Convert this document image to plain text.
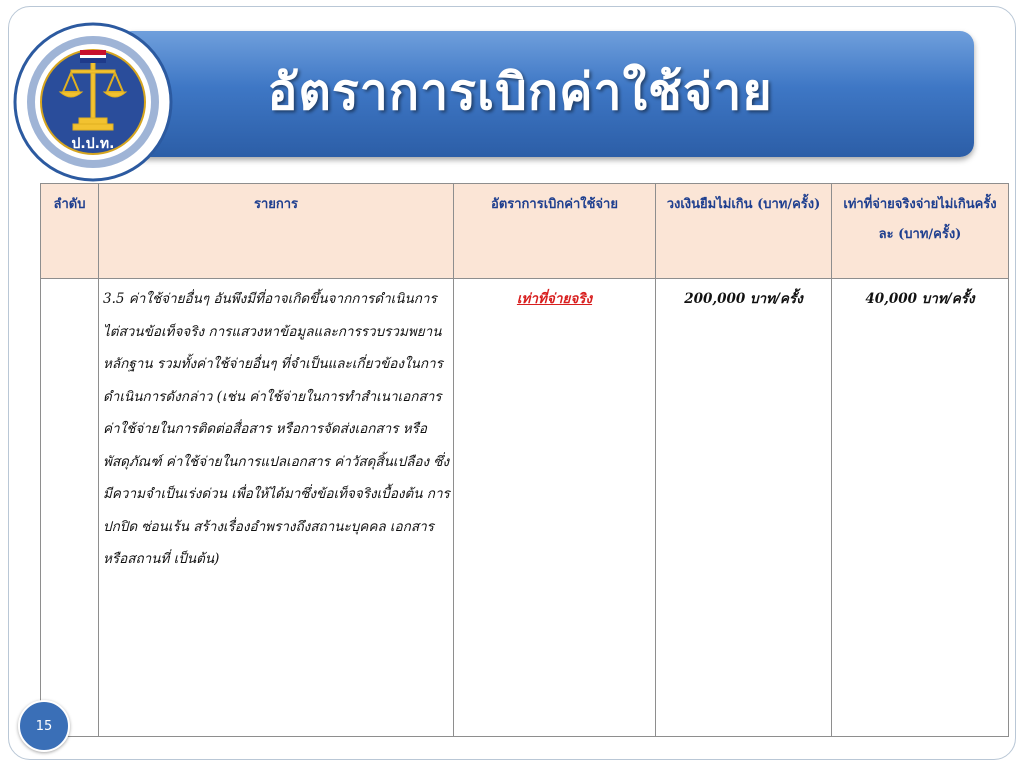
อัตราการเบิกค่าใช้จ่าย
ป.ป.ท.
ลำดับ	รายการ	อัตราการเบิกค่าใช้จ่าย	วงเงินยืมไม่เกิน (บาท/ครั้ง)	เท่าที่จ่ายจริงจ่ายไม่เกินครั้งละ (บาท/ครั้ง)
	3.5 ค่าใช้จ่ายอื่นๆ อันพึงมีที่อาจเกิดขึ้นจากการดำเนินการไต่สวนข้อเท็จจริง การแสวงหาข้อมูลและการรวบรวมพยานหลักฐาน รวมทั้งค่าใช้จ่ายอื่นๆ ที่จำเป็นและเกี่ยวข้องในการดำเนินการดังกล่าว (เช่น ค่าใช้จ่ายในการทำสำเนาเอกสาร ค่าใช้จ่ายในการติดต่อสื่อสาร หรือการจัดส่งเอกสาร หรือพัสดุภัณฑ์ ค่าใช้จ่ายในการแปลเอกสาร ค่าวัสดุสิ้นเปลือง ซึ่งมีความจำเป็นเร่งด่วน เพื่อให้ได้มาซึ่งข้อเท็จจริงเบื้องต้น การปกปิด ซ่อนเร้น สร้างเรื่องอำพรางถึงสถานะบุคคล เอกสารหรือสถานที่ เป็นต้น)	เท่าที่จ่ายจริง	200,000 บาท/ครั้ง	40,000 บาท/ครั้ง
15
